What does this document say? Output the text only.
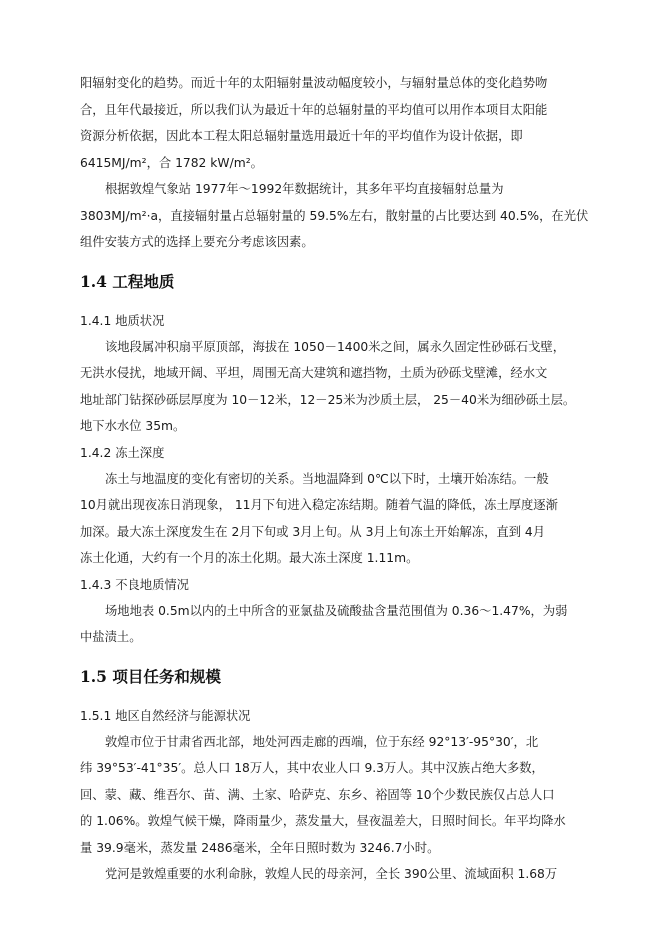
阳辐射变化的趋势。而近十年的太阳辐射量波动幅度较小，与辐射量总体的变化趋势吻
合，且年代最接近，所以我们认为最近十年的总辐射量的平均值可以用作本项目太阳能
资源分析依据，因此本工程太阳总辐射量选用最近十年的平均值作为设计依据，即
6415MJ/m²，合 1782 kW/m²。

根据敦煌气象站 1977年～1992年数据统计，其多年平均直接辐射总量为
3803MJ/m²·a，直接辐射量占总辐射量的 59.5%左右，散射量的占比要达到 40.5%，在光伏
组件安装方式的选择上要充分考虑该因素。

1.4 工程地质
1.4.1 地质状况

该地段属冲积扇平原顶部，海拔在 1050－1400米之间，属永久固定性砂砾石戈壁，
无洪水侵扰，地域开阔、平坦，周围无高大建筑和遮挡物，土质为砂砾戈壁滩，经水文
地址部门钻探砂砾层厚度为 10－12米，12－25米为沙质土层， 25－40米为细砂砾土层。
地下水水位 35m。

1.4.2 冻土深度

冻土与地温度的变化有密切的关系。当地温降到 0℃以下时，土壤开始冻结。一般
10月就出现夜冻日消现象， 11月下旬进入稳定冻结期。随着气温的降低，冻土厚度逐渐
加深。最大冻土深度发生在 2月下旬或 3月上旬。从 3月上旬冻土开始解冻，直到 4月
冻土化通，大约有一个月的冻土化期。最大冻土深度 1.11m。

1.4.3 不良地质情况

场地地表 0.5m以内的土中所含的亚氯盐及硫酸盐含量范围值为 0.36～1.47%，为弱
中盐渍土。

1.5 项目任务和规模
1.5.1 地区自然经济与能源状况

敦煌市位于甘肃省西北部，地处河西走廊的西端，位于东经 92°13′-95°30′，北
纬 39°53′-41°35′。总人口 18万人，其中农业人口 9.3万人。其中汉族占绝大多数，
回、蒙、藏、维吾尔、苗、满、土家、哈萨克、东乡、裕固等 10个少数民族仅占总人口
的 1.06%。敦煌气候干燥，降雨量少，蒸发量大，昼夜温差大，日照时间长。年平均降水
量 39.9毫米，蒸发量 2486毫米，全年日照时数为 3246.7小时。
党河是敦煌重要的水利命脉，敦煌人民的母亲河，全长 390公里、流域面积 1.68万
